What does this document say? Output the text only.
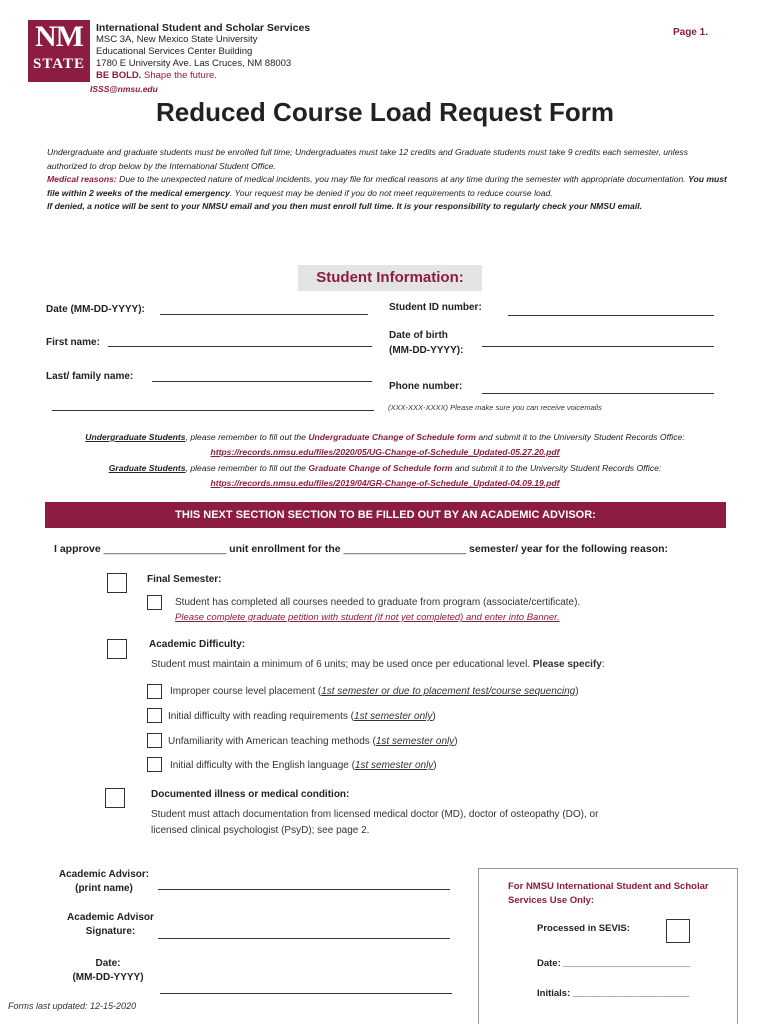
NM
STATE
International Student and Scholar Services
MSC 3A, New Mexico State University
Educational Services Center Building
1780 E University Ave. Las Cruces, NM 88003
BE BOLD. Shape the future.
ISSS@nmsu.edu
Page 1.
Reduced Course Load Request Form
Undergraduate and graduate students must be enrolled full time; Undergraduates must take 12 credits and Graduate students must take 9 credits each semester, unless authorized to drop below by the International Student Office.
Medical reasons: Due to the unexpected nature of medical incidents, you may file for medical reasons at any time during the semester with appropriate documentation. You must file within 2 weeks of the medical emergency. Your request may be denied if you do not meet requirements to reduce course load.
If denied, a notice will be sent to your NMSU email and you then must enroll full time. It is your responsibility to regularly check your NMSU email.
Student Information:
Date (MM-DD-YYYY):	Student ID number:
First name:
Date of birth
(MM-DD-YYYY):
Last/ family name:
Phone number:
(XXX-XXX-XXXX) Please make sure you can receive voicemails
Undergraduate Students, please remember to fill out the Undergraduate Change of Schedule form and submit it to the University Student Records Office: https://records.nmsu.edu/files/2020/05/UG-Change-of-Schedule_Updated-05.27.20.pdf
Graduate Students, please remember to fill out the Graduate Change of Schedule form and submit it to the University Student Records Office:
https://records.nmsu.edu/files/2019/04/GR-Change-of-Schedule_Updated-04.09.19.pdf
THIS NEXT SECTION SECTION TO BE FILLED OUT BY AN ACADEMIC ADVISOR:
I approve _____________________ unit enrollment for the _____________________ semester/ year for the following reason:
Final Semester:
Student has completed all courses needed to graduate from program (associate/certificate).
Please complete graduate petition with student (if not yet completed) and enter into Banner.
Academic Difficulty:
Student must maintain a minimum of 6 units; may be used once per educational level. Please specify:
Improper course level placement (1st semester or due to placement test/course sequencing)
Initial difficulty with reading requirements (1st semester only)
Unfamiliarity with American teaching methods (1st semester only)
Initial difficulty with the English language (1st semester only)
Documented illness or medical condition:
Student must attach documentation from licensed medical doctor (MD), doctor of osteopathy (DO), or
licensed clinical psychologist (PsyD); see page 2.
Academic Advisor:
(print name)
Academic Advisor
Signature:
Date:
(MM-DD-YYYY)
For NMSU International Student and Scholar
Services Use Only:
Processed in SEVIS:
Date: ________________________
Initials: ______________________
Forms last updated: 12-15-2020
